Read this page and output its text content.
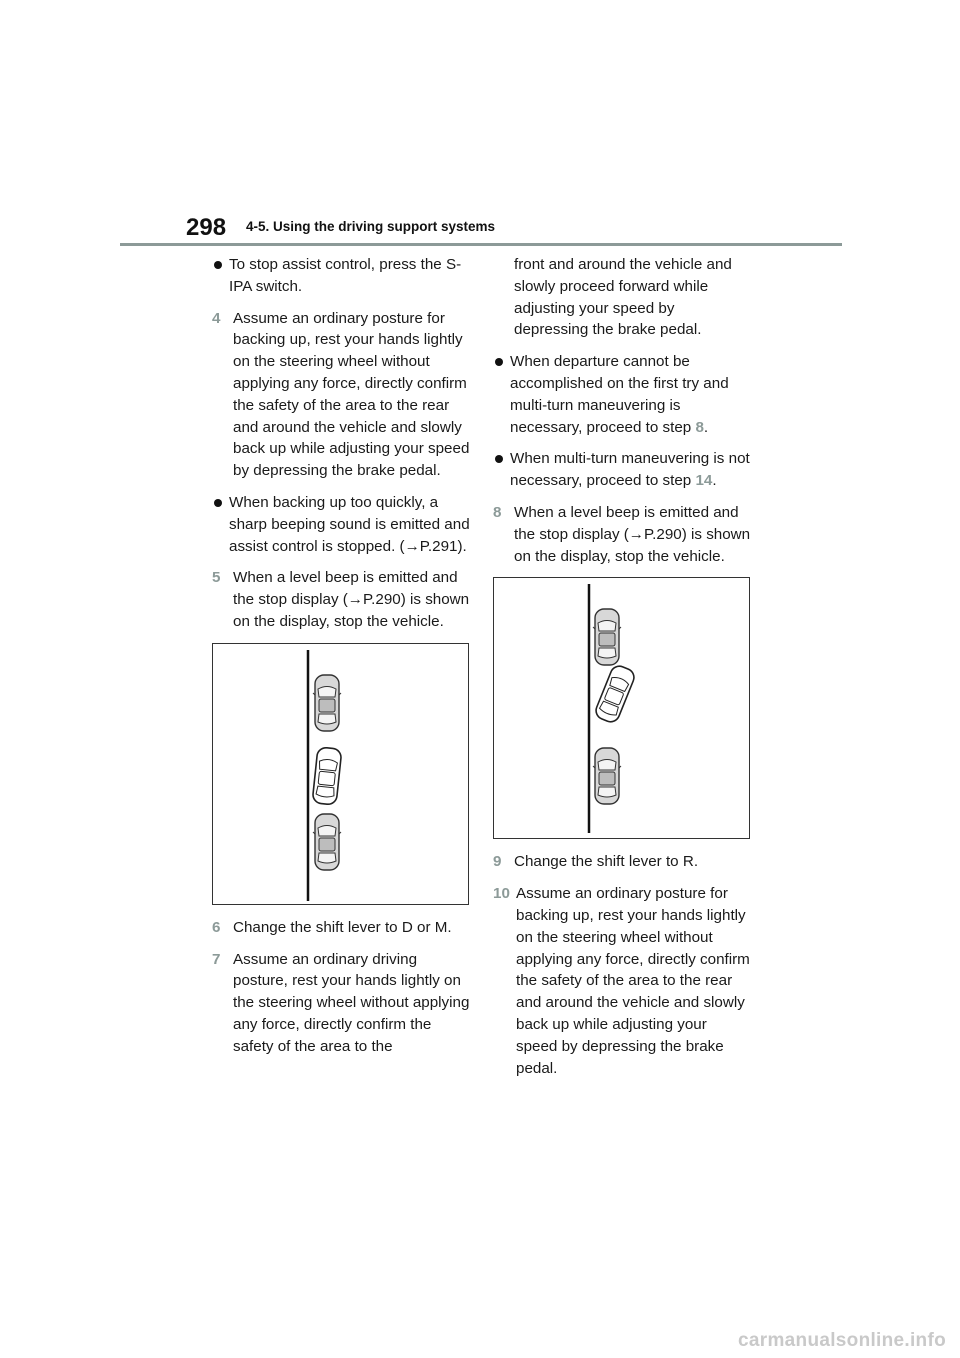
298 4-5. Using the driving support systems

To stop assist control, press the S-IPA switch.

4 Assume an ordinary posture for backing up, rest your hands lightly on the steering wheel without applying any force, directly confirm the safety of the area to the rear and around the vehicle and slowly back up while adjusting your speed by depressing the brake pedal.

When backing up too quickly, a sharp beeping sound is emitted and assist control is stopped. (→P.291).

5 When a level beep is emitted and the stop display (→P.290) is shown on the display, stop the vehicle.

6 Change the shift lever to D or M.

7 Assume an ordinary driving posture, rest your hands lightly on the steering wheel without applying any force, directly confirm the safety of the area to the

front and around the vehicle and slowly proceed forward while adjusting your speed by depressing the brake pedal.

When departure cannot be accomplished on the first try and multi-turn maneuvering is necessary, proceed to step 8.

When multi-turn maneuvering is not necessary, proceed to step 14.

8 When a level beep is emitted and the stop display (→P.290) is shown on the display, stop the vehicle.

9 Change the shift lever to R.

10 Assume an ordinary posture for backing up, rest your hands lightly on the steering wheel without applying any force, directly confirm the safety of the area to the rear and around the vehicle and slowly back up while adjusting your speed by depressing the brake pedal.

carmanualsonline.info
